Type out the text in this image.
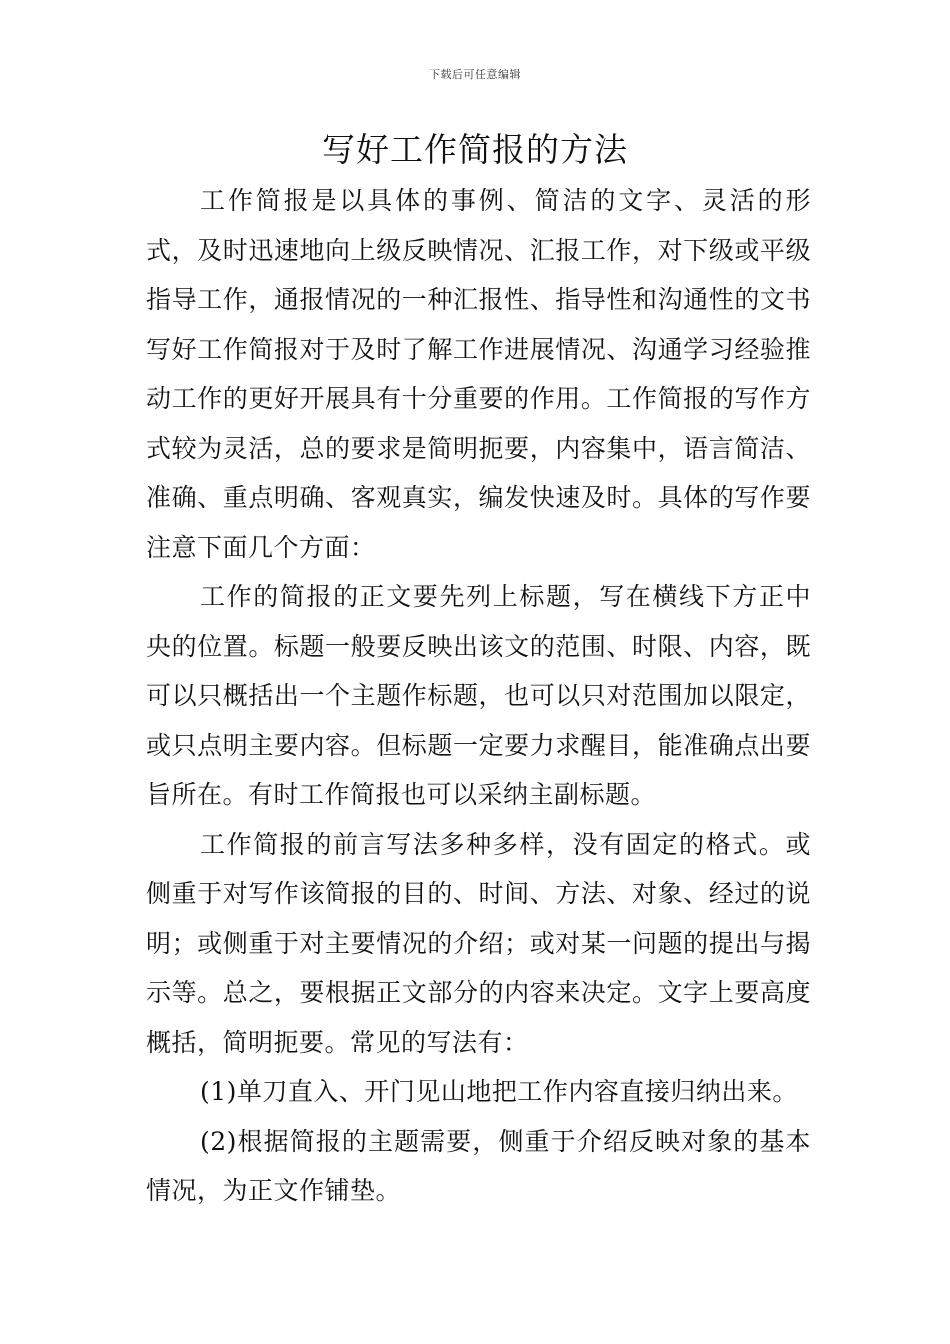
下载后可任意编辑
写好工作简报的方法

工作简报是以具体的事例、简洁的文字、灵活的形式，及时迅速地向上级反映情况、汇报工作，对下级或平级指导工作，通报情况的一种汇报性、指导性和沟通性的文书写好工作简报对于及时了解工作进展情况、沟通学习经验推动工作的更好开展具有十分重要的作用。工作简报的写作方式较为灵活，总的要求是简明扼要，内容集中，语言简洁、准确、重点明确、客观真实，编发快速及时。具体的写作要注意下面几个方面：

工作的简报的正文要先列上标题，写在横线下方正中央的位置。标题一般要反映出该文的范围、时限、内容，既可以只概括出一个主题作标题，也可以只对范围加以限定，或只点明主要内容。但标题一定要力求醒目，能准确点出要旨所在。有时工作简报也可以采纳主副标题。

工作简报的前言写法多种多样，没有固定的格式。或侧重于对写作该简报的目的、时间、方法、对象、经过的说明；或侧重于对主要情况的介绍；或对某一问题的提出与揭示等。总之，要根据正文部分的内容来决定。文字上要高度概括，简明扼要。常见的写法有：

(1)单刀直入、开门见山地把工作内容直接归纳出来。

(2)根据简报的主题需要，侧重于介绍反映对象的基本情况，为正文作铺垫。
